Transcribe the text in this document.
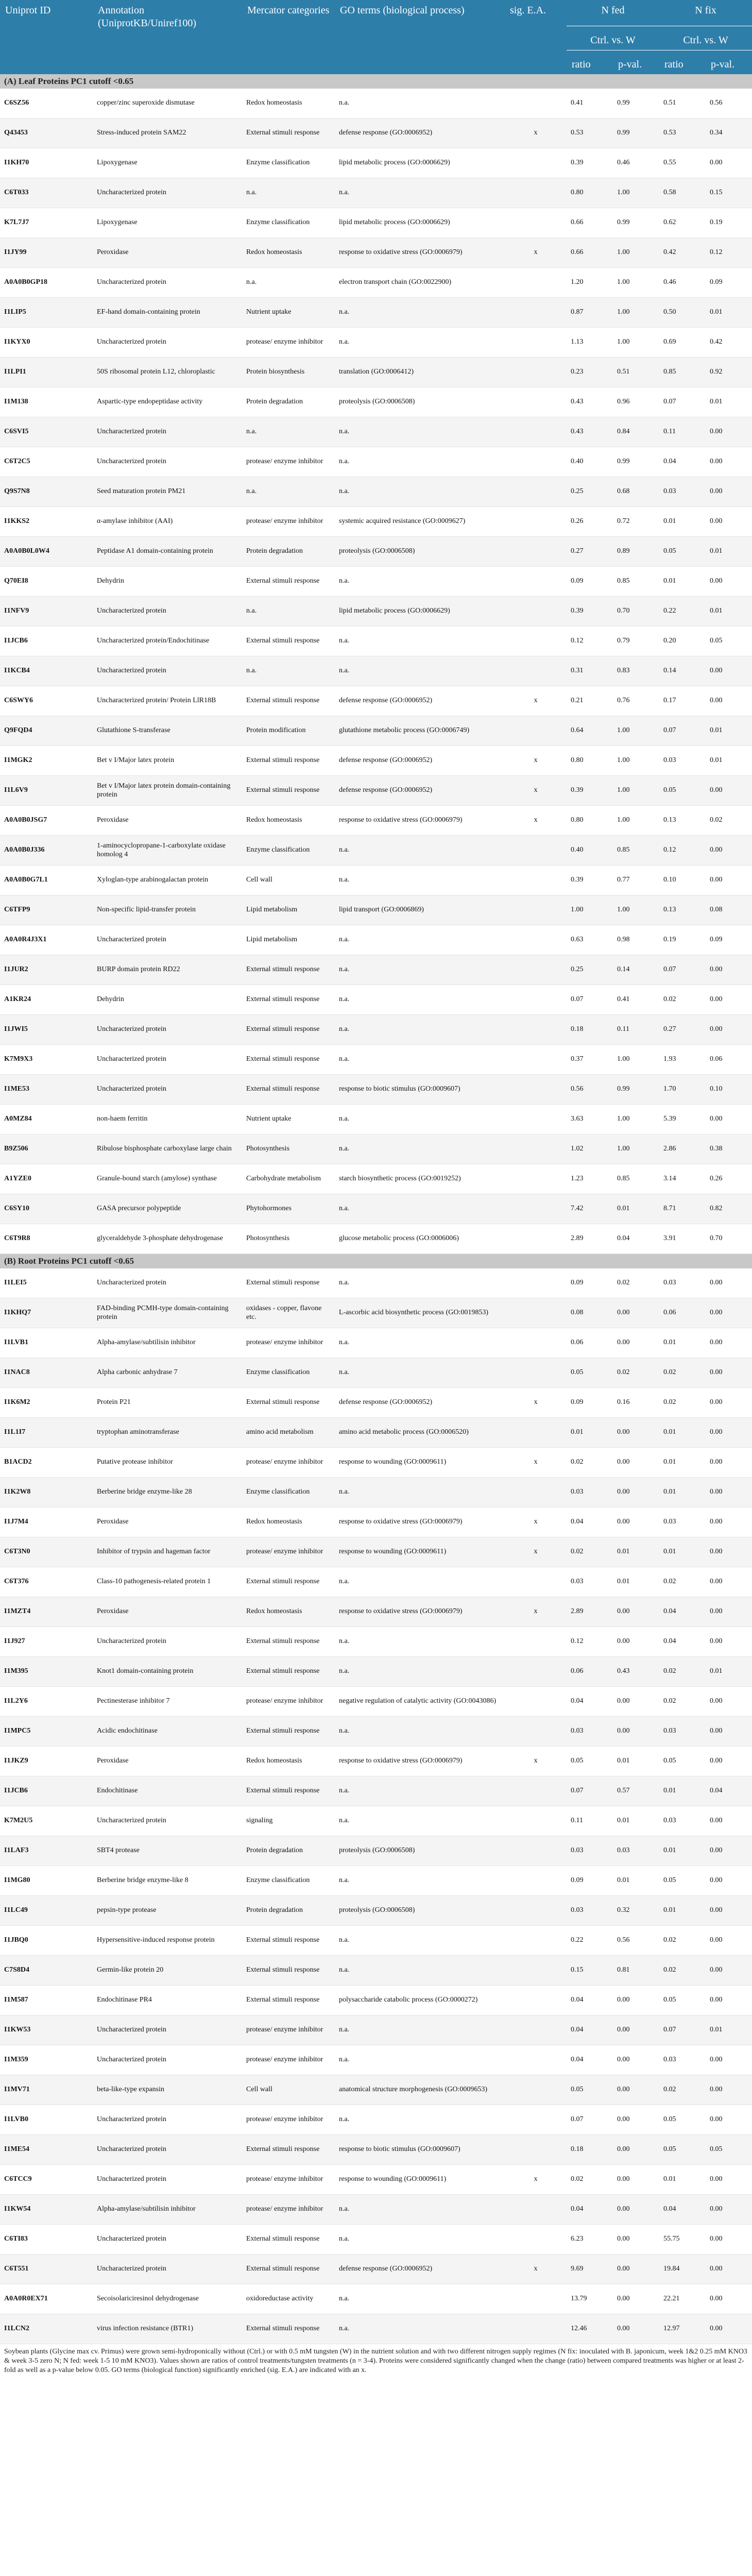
Uniprot ID	Annotation (UniprotKB/Uniref100)	Mercator categories	GO terms (biological process)	sig. E.A.	N fed		N fix	
					Ctrl. vs. W		Ctrl. vs. W	
					ratio	p-val.	ratio	p-val.
(A) Leaf Proteins PC1 cutoff <0.65								
C6SZ56	copper/zinc superoxide dismutase	Redox homeostasis	n.a.		0.41	0.99	0.51	0.56
Q43453	Stress-induced protein SAM22	External stimuli response	defense response (GO:0006952)	x	0.53	0.99	0.53	0.34
I1KH70	Lipoxygenase	Enzyme classification	lipid metabolic process (GO:0006629)		0.39	0.46	0.55	0.00
C6T033	Uncharacterized protein	n.a.	n.a.		0.80	1.00	0.58	0.15
K7L7J7	Lipoxygenase	Enzyme classification	lipid metabolic process (GO:0006629)		0.66	0.99	0.62	0.19
I1JY99	Peroxidase	Redox homeostasis	response to oxidative stress (GO:0006979)	x	0.66	1.00	0.42	0.12
A0A0B0GP18	Uncharacterized protein	n.a.	electron transport chain (GO:0022900)		1.20	1.00	0.46	0.09
I1LIP5	EF-hand domain-containing protein	Nutrient uptake	n.a.		0.87	1.00	0.50	0.01
I1KYX0	Uncharacterized protein	protease/ enzyme inhibitor	n.a.		1.13	1.00	0.69	0.42
I1LPI1	50S ribosomal protein L12, chloroplastic	Protein biosynthesis	translation (GO:0006412)		0.23	0.51	0.85	0.92
I1M138	Aspartic-type endopeptidase activity	Protein degradation	proteolysis (GO:0006508)		0.43	0.96	0.07	0.01
C6SVI5	Uncharacterized protein	n.a.	n.a.		0.43	0.84	0.11	0.00
C6T2C5	Uncharacterized protein	protease/ enzyme inhibitor	n.a.		0.40	0.99	0.04	0.00
Q9S7N8	Seed maturation protein PM21	n.a.	n.a.		0.25	0.68	0.03	0.00
I1KKS2	α-amylase inhibitor (AAI)	protease/ enzyme inhibitor	systemic acquired resistance (GO:0009627)		0.26	0.72	0.01	0.00
A0A0B0L0W4	Peptidase A1 domain-containing protein	Protein degradation	proteolysis (GO:0006508)		0.27	0.89	0.05	0.01
Q70EI8	Dehydrin	External stimuli response	n.a.		0.09	0.85	0.01	0.00
I1NFV9	Uncharacterized protein	n.a.	lipid metabolic process (GO:0006629)		0.39	0.70	0.22	0.01
I1JCB6	Uncharacterized protein/Endochitinase	External stimuli response	n.a.		0.12	0.79	0.20	0.05
I1KCB4	Uncharacterized protein	n.a.	n.a.		0.31	0.83	0.14	0.00
C6SWY6	Uncharacterized protein/ Protein LlR18B	External stimuli response	defense response (GO:0006952)	x	0.21	0.76	0.17	0.00
Q9FQD4	Glutathione S-transferase	Protein modification	glutathione metabolic process (GO:0006749)		0.64	1.00	0.07	0.01
I1MGK2	Bet v I/Major latex protein	External stimuli response	defense response (GO:0006952)	x	0.80	1.00	0.03	0.01
I1L6V9	Bet v I/Major latex protein domain-containing protein	External stimuli response	defense response (GO:0006952)	x	0.39	1.00	0.05	0.00
A0A0B0JSG7	Peroxidase	Redox homeostasis	response to oxidative stress (GO:0006979)	x	0.80	1.00	0.13	0.02
A0A0B0J336	1-aminocyclopropane-1-carboxylate oxidase homolog 4	Enzyme classification	n.a.		0.40	0.85	0.12	0.00
A0A0B0G7L1	Xyloglan-type arabinogalactan protein	Cell wall	n.a.		0.39	0.77	0.10	0.00
C6TFP9	Non-specific lipid-transfer protein	Lipid metabolism	lipid transport (GO:0006869)		1.00	1.00	0.13	0.08
A0A0R4J3X1	Uncharacterized protein	Lipid metabolism	n.a.		0.63	0.98	0.19	0.09
I1JUR2	BURP domain protein RD22	External stimuli response	n.a.		0.25	0.14	0.07	0.00
A1KR24	Dehydrin	External stimuli response	n.a.		0.07	0.41	0.02	0.00
I1JWI5	Uncharacterized protein	External stimuli response	n.a.		0.18	0.11	0.27	0.00
K7M9X3	Uncharacterized protein	External stimuli response	n.a.		0.37	1.00	1.93	0.06
I1ME53	Uncharacterized protein	External stimuli response	response to biotic stimulus (GO:0009607)		0.56	0.99	1.70	0.10
A0MZ84	non-haem ferritin	Nutrient uptake	n.a.		3.63	1.00	5.39	0.00
B9Z506	Ribulose bisphosphate carboxylase large chain	Photosynthesis	n.a.		1.02	1.00	2.86	0.38
A1YZE0	Granule-bound starch (amylose) synthase	Carbohydrate metabolism	starch biosynthetic process (GO:0019252)		1.23	0.85	3.14	0.26
C6SY10	GASA precursor polypeptide	Phytohormones	n.a.		7.42	0.01	8.71	0.82
C6T9R8	glyceraldehyde 3-phosphate dehydrogenase	Photosynthesis	glucose metabolic process (GO:0006006)		2.89	0.04	3.91	0.70
(B) Root Proteins PC1 cutoff <0.65								
I1LEI5	Uncharacterized protein	External stimuli response	n.a.		0.09	0.02	0.03	0.00
I1KHQ7	FAD-binding PCMH-type domain-containing protein	oxidases - copper, flavone etc.	L-ascorbic acid biosynthetic process (GO:0019853)		0.08	0.00	0.06	0.00
I1LVB1	Alpha-amylase/subtilisin inhibitor	protease/ enzyme inhibitor	n.a.		0.06	0.00	0.01	0.00
I1NAC8	Alpha carbonic anhydrase 7	Enzyme classification	n.a.		0.05	0.02	0.02	0.00
I1K6M2	Protein P21	External stimuli response	defense response (GO:0006952)	x	0.09	0.16	0.02	0.00
I1L1I7	tryptophan aminotransferase	amino acid metabolism	amino acid metabolic process (GO:0006520)		0.01	0.00	0.01	0.00
B1ACD2	Putative protease inhibitor	protease/ enzyme inhibitor	response to wounding (GO:0009611)	x	0.02	0.00	0.01	0.00
I1K2W8	Berberine bridge enzyme-like 28	Enzyme classification	n.a.		0.03	0.00	0.01	0.00
I1J7M4	Peroxidase	Redox homeostasis	response to oxidative stress (GO:0006979)	x	0.04	0.00	0.03	0.00
C6T3N0	Inhibitor of trypsin and hageman factor	protease/ enzyme inhibitor	response to wounding (GO:0009611)	x	0.02	0.01	0.01	0.00
C6T376	Class-10 pathogenesis-related protein 1	External stimuli response	n.a.		0.03	0.01	0.02	0.00
I1MZT4	Peroxidase	Redox homeostasis	response to oxidative stress (GO:0006979)	x	2.89	0.00	0.04	0.00
I1J927	Uncharacterized protein	External stimuli response	n.a.		0.12	0.00	0.04	0.00
I1M395	Knot1 domain-containing protein	External stimuli response	n.a.		0.06	0.43	0.02	0.01
I1L2Y6	Pectinesterase inhibitor 7	protease/ enzyme inhibitor	negative regulation of catalytic activity (GO:0043086)		0.04	0.00	0.02	0.00
I1MPC5	Acidic endochitinase	External stimuli response	n.a.		0.03	0.00	0.03	0.00
I1JKZ9	Peroxidase	Redox homeostasis	response to oxidative stress (GO:0006979)	x	0.05	0.01	0.05	0.00
I1JCB6	Endochitinase	External stimuli response	n.a.		0.07	0.57	0.01	0.04
K7M2U5	Uncharacterized protein	signaling	n.a.		0.11	0.01	0.03	0.00
I1LAF3	SBT4 protease	Protein degradation	proteolysis (GO:0006508)		0.03	0.03	0.01	0.00
I1MG80	Berberine bridge enzyme-like 8	Enzyme classification	n.a.		0.09	0.01	0.05	0.00
I1LC49	pepsin-type protease	Protein degradation	proteolysis (GO:0006508)		0.03	0.32	0.01	0.00
I1JBQ0	Hypersensitive-induced response protein	External stimuli response	n.a.		0.22	0.56	0.02	0.00
C7S8D4	Germin-like protein 20	External stimuli response	n.a.		0.15	0.81	0.02	0.00
I1M587	Endochitinase PR4	External stimuli response	polysaccharide catabolic process (GO:0000272)		0.04	0.00	0.05	0.00
I1KW53	Uncharacterized protein	protease/ enzyme inhibitor	n.a.		0.04	0.00	0.07	0.01
I1M359	Uncharacterized protein	protease/ enzyme inhibitor	n.a.		0.04	0.00	0.03	0.00
I1MV71	beta-like-type expansin	Cell wall	anatomical structure morphogenesis (GO:0009653)		0.05	0.00	0.02	0.00
I1LVB0	Uncharacterized protein	protease/ enzyme inhibitor	n.a.		0.07	0.00	0.05	0.00
I1ME54	Uncharacterized protein	External stimuli response	response to biotic stimulus (GO:0009607)		0.18	0.00	0.05	0.05
C6TCC9	Uncharacterized protein	protease/ enzyme inhibitor	response to wounding (GO:0009611)	x	0.02	0.00	0.01	0.00
I1KW54	Alpha-amylase/subtilisin inhibitor	protease/ enzyme inhibitor	n.a.		0.04	0.00	0.04	0.00
C6TI83	Uncharacterized protein	External stimuli response	n.a.		6.23	0.00	55.75	0.00
C6T551	Uncharacterized protein	External stimuli response	defense response (GO:0006952)	x	9.69	0.00	19.84	0.00
A0A0R0EX71	Secoisolariciresinol dehydrogenase	oxidoreductase activity	n.a.		13.79	0.00	22.21	0.00
I1LCN2	virus infection resistance (BTR1)	External stimuli response	n.a.		12.46	0.00	12.97	0.00
Soybean plants (Glycine max cv. Primus) were grown semi-hydroponically without (Ctrl.) or with 0.5 mM tungsten (W) in the nutrient solution and with two different nitrogen supply regimes (N fix: inoculated with B. japonicum, week 1&2 0.25 mM KNO3 & week 3-5 zero N; N fed: week 1-5 10 mM KNO3). Values shown are ratios of control treatments/tungsten treatments (n = 3-4). Proteins were considered significantly changed when the change (ratio) between compared treatments was higher or at least 2-fold as well as a p-value below 0.05. GO terms (biological function) significantly enriched (sig. E.A.) are indicated with an x.
